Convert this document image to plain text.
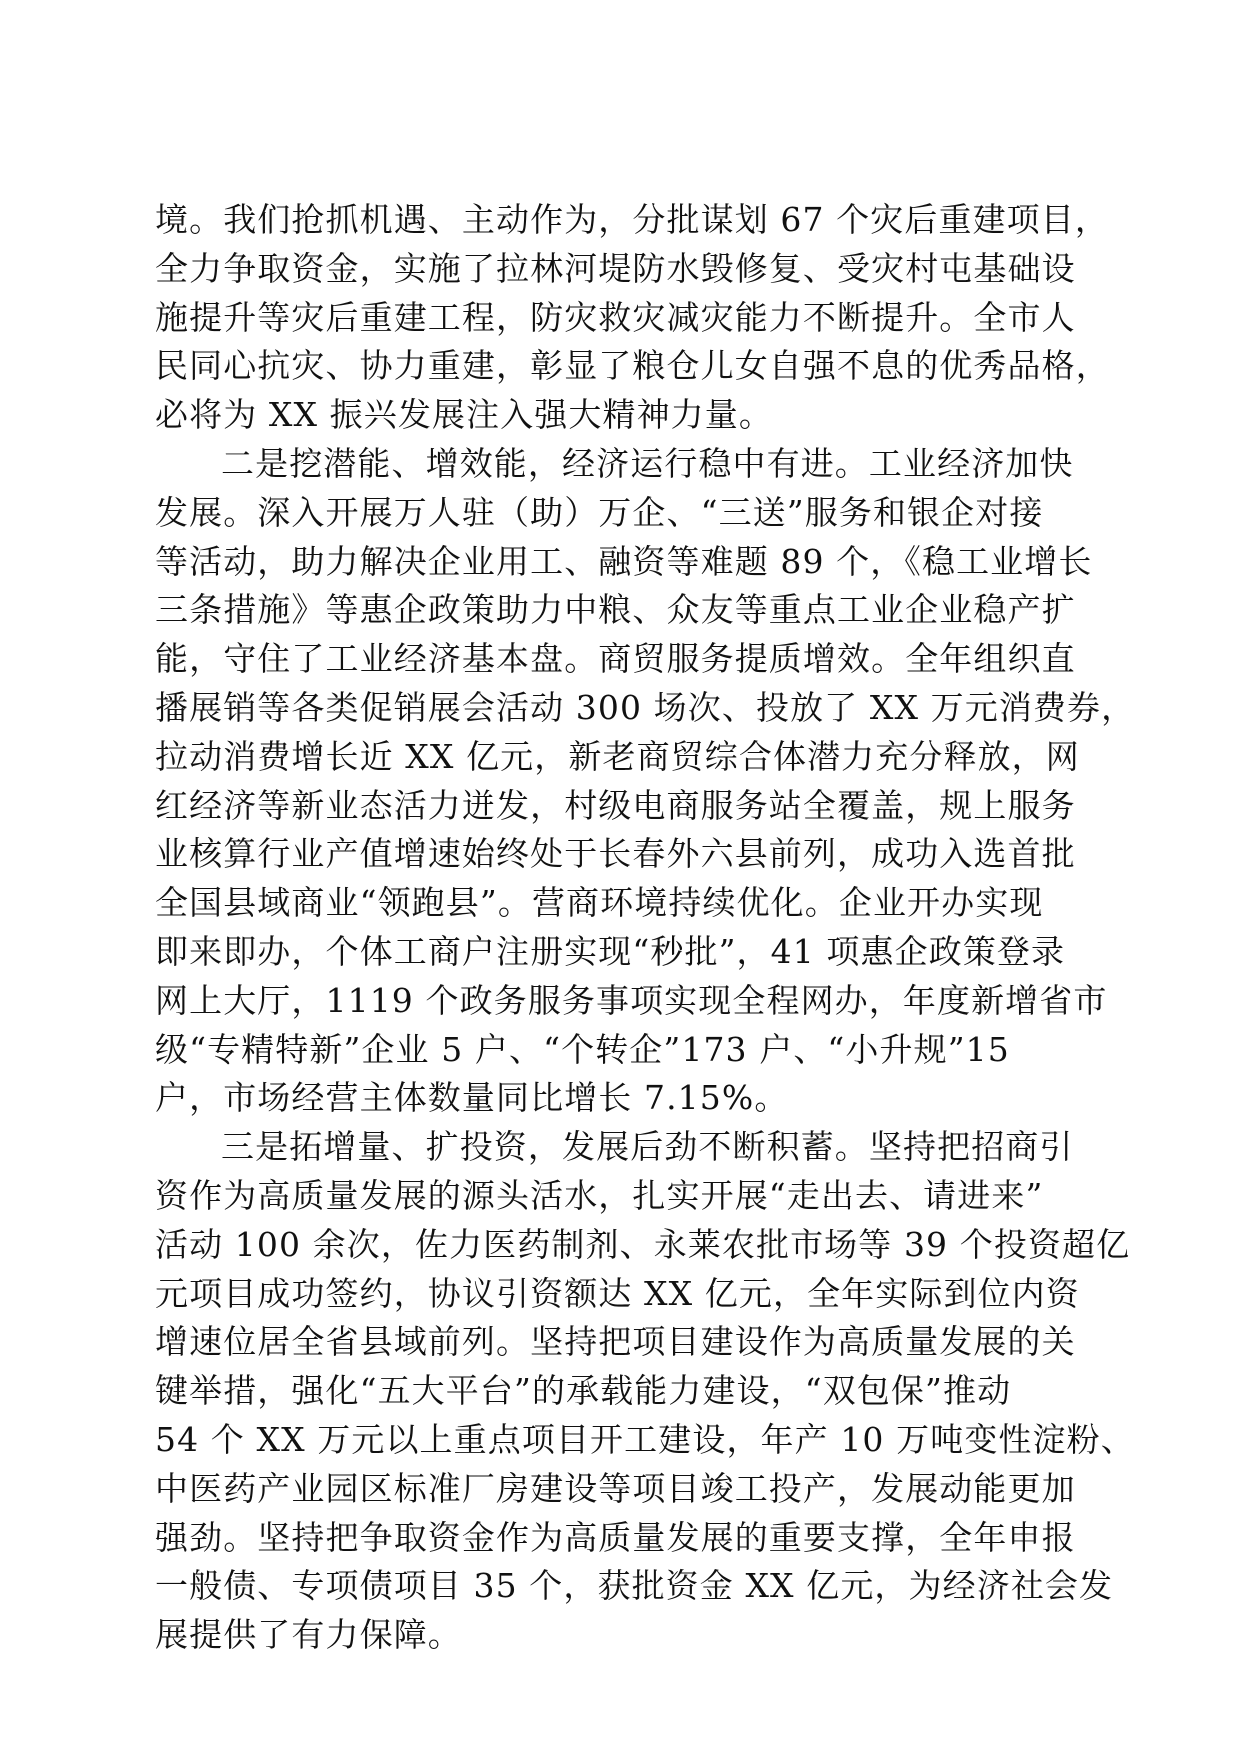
境。我们抢抓机遇、主动作为，分批谋划 67 个灾后重建项目，
全力争取资金，实施了拉林河堤防水毁修复、受灾村屯基础设
施提升等灾后重建工程，防灾救灾减灾能力不断提升。全市人
民同心抗灾、协力重建，彰显了粮仓儿女自强不息的优秀品格，
必将为 XX 振兴发展注入强大精神力量。
二是挖潜能、增效能，经济运行稳中有进。工业经济加快
发展。深入开展万人驻（助）万企、“三送”服务和银企对接
等活动，助力解决企业用工、融资等难题 89 个，《稳工业增长
三条措施》等惠企政策助力中粮、众友等重点工业企业稳产扩
能，守住了工业经济基本盘。商贸服务提质增效。全年组织直
播展销等各类促销展会活动 300 场次、投放了 XX 万元消费券，
拉动消费增长近 XX 亿元，新老商贸综合体潜力充分释放，网
红经济等新业态活力迸发，村级电商服务站全覆盖，规上服务
业核算行业产值增速始终处于长春外六县前列，成功入选首批
全国县域商业“领跑县”。营商环境持续优化。企业开办实现
即来即办，个体工商户注册实现“秒批”，41 项惠企政策登录
网上大厅，1119 个政务服务事项实现全程网办，年度新增省市
级“专精特新”企业 5 户、“个转企”173 户、“小升规”15
户，市场经营主体数量同比增长 7.15%。
三是拓增量、扩投资，发展后劲不断积蓄。坚持把招商引
资作为高质量发展的源头活水，扎实开展“走出去、请进来”
活动 100 余次，佐力医药制剂、永莱农批市场等 39 个投资超亿
元项目成功签约，协议引资额达 XX 亿元，全年实际到位内资
增速位居全省县域前列。坚持把项目建设作为高质量发展的关
键举措，强化“五大平台”的承载能力建设，“双包保”推动
54 个 XX 万元以上重点项目开工建设，年产 10 万吨变性淀粉、
中医药产业园区标准厂房建设等项目竣工投产，发展动能更加
强劲。坚持把争取资金作为高质量发展的重要支撑，全年申报
一般债、专项债项目 35 个，获批资金 XX 亿元，为经济社会发
展提供了有力保障。
